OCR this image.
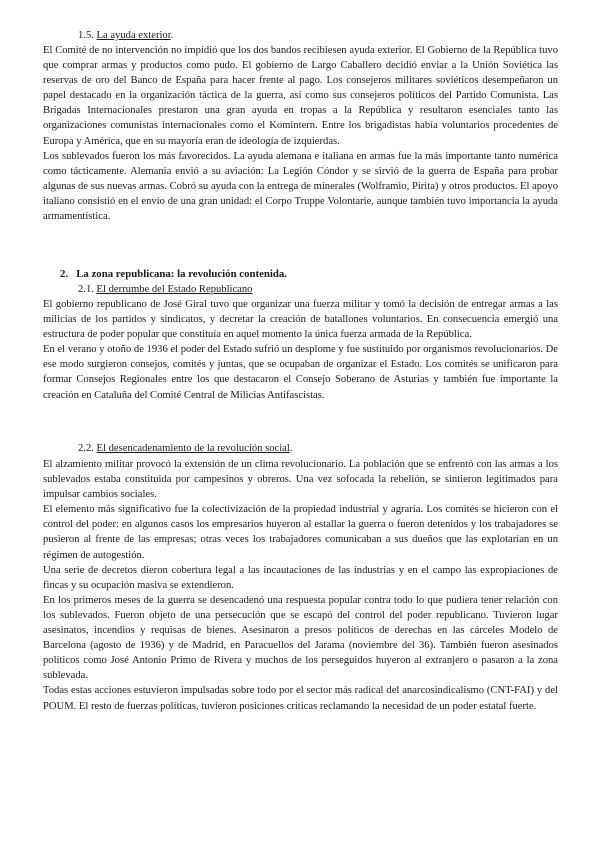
1.5. La ayuda exterior.

El Comité de no intervención no impidió que los dos bandos recibiesen ayuda exterior. El Gobierno de la República tuvo que comprar armas y productos como pudo. El gobierno de Largo Caballero decidió enviar a la Unión Soviética las reservas de oro del Banco de España para hacer frente al pago. Los consejeros militares soviéticos desempeñaron un papel destacado en la organización táctica de la guerra, así como sus consejeros políticos del Partido Comunista. Las Brigadas Internacionales prestaron una gran ayuda en tropas a la República y resultaron esenciales tanto las organizaciones comunistas internacionales como el Komintern. Entre los brigadistas había voluntarios procedentes de Europa y América, que en su mayoría eran de ideología de izquierdas.

Los sublevados fueron los más favorecidos. La ayuda alemana e italiana en armas fue la más importante tanto numérica como tácticamente. Alemania envió a su aviación: La Legión Cóndor y se sirvió de la guerra de España para probar algunas de sus nuevas armas. Cobró su ayuda con la entrega de minerales (Wolframio, Pirita) y otros productos. El apoyo italiano consistió en el envío de una gran unidad: el Corpo Truppe Volontarie, aunque también tuvo importancia la ayuda armamentística.

2. La zona republicana: la revolución contenida.
2.1. El derrumbe del Estado Republicano

El gobierno republicano de José Giral tuvo que organizar una fuerza militar y tomó la decisión de entregar armas a las milicias de los partidos y sindicatos, y decretar la creación de batallones voluntarios. En consecuencia emergió una estructura de poder popular que constituía en aquel momento la única fuerza armada de la República.

En el verano y otoño de 1936 el poder del Estado sufrió un desplome y fue sustituido por organismos revolucionarios. De ese modo surgieron consejos, comités y juntas, que se ocupaban de organizar el Estado. Los comités se unificaron para formar Consejos Regionales entre los que destacaron el Consejo Soberano de Asturias y también fue importante la creación en Cataluña del Comité Central de Milicias Antifascistas.

2.2. El desencadenamiento de la revolución social.

El alzamiento militar provocó la extensión de un clima revolucionario. La población que se enfrentó con las armas a los sublevados estaba constituida por campesinos y obreros. Una vez sofocada la rebelión, se sintieron legitimados para impulsar cambios sociales.

El elemento más significativo fue la colectivización de la propiedad industrial y agraria. Los comités se hicieron con el control del poder: en algunos casos los empresarios huyeron al estallar la guerra o fueron detenidos y los trabajadores se pusieron al frente de las empresas; otras veces los trabajadores comunicaban a sus dueños que las explotarían en un régimen de autogestión.

Una serie de decretos dieron cobertura legal a las incautaciones de las industrias y en el campo las expropiaciones de fincas y su ocupación masiva se extendieron.

En los primeros meses de la guerra se desencadenó una respuesta popular contra todo lo que pudiera tener relación con los sublevados. Fueron objeto de una persecución que se escapó del control del poder republicano. Tuvieron lugar asesinatos, incendios y requisas de bienes. Asesinaron a presos políticos de derechas en las cárceles Modelo de Barcelona (agosto de 1936) y de Madrid, en Paracuellos del Jarama (noviembre del 36). También fueron asesinados políticos como José Antonio Primo de Rivera y muchos de los perseguidos huyeron al extranjero o pasaron a la zona sublevada.

Todas estas acciones estuvieron impulsadas sobre todo por el sector más radical del anarcosindicalismo (CNT-FAI) y del POUM. El resto de fuerzas políticas, tuvieron posiciones críticas reclamando la necesidad de un poder estatal fuerte.
